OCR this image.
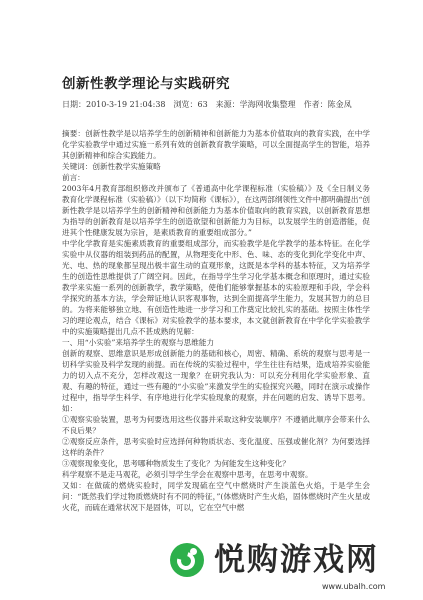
创新性教学理论与实践研究
日期：2010-3-19 21:04:38　浏览：63　来源：学海网收集整理　作者：陈金凤

摘要：创新性教学是以培养学生的创新精神和创新能力为基本价值取向的教育实践，在中学化学实验教学中通过实施一系列有效的创新教育教学策略，可以全面提高学生的智能，培养其创新精神和综合实践能力。

关键词：创新性教学实施策略

前言：

2003年4月教育部组织修改并颁布了《普通高中化学课程标准（实验稿）》及《全日制义务教育化学课程标准（实验稿）》（以下均简称《课标》），在这两部纲领性文件中都明确提出“创新性教学是以培养学生的创新精神和创新能力为基本价值取向的教育实践，以创新教育思想为指导的创新教育是以培养学生的创造欲望和创新能力为目标，以发展学生的创造潜能，促进其个性健康发展为宗旨，是素质教育的重要组成部分。”

中学化学教育是实施素质教育的重要组成部分，而实验教学是化学教学的基本特征。在化学实验中从仪器的组装到药品的配置，从物理变化中形、色、味、态的变化到化学变化中声、光、电、热的现象都呈现出极丰富生动的直观形象，这既是本学科的基本特征，又为培养学生的创造性思维提供了广阔空间。因此，在指导学生学习化学基本概念和原理时，通过实验教学来实施一系列的创新教学，教学策略，使他们能够掌握基本的实验原理和手段，学会科学探究的基本方法，学会辩证地认识客观事物，达到全面提高学生能力，发展其智力的总目的。为将来能够独立地、有创造性地进一步学习和工作奠定比较扎实的基础。按照主体性学习的理论观点，结合《课标》对实验教学的基本要求，本文就创新教育在中学化学实验教学中的实施策略提出几点不甚成熟的见解：

一、用“小实验”来培养学生的观察与思维能力

创新的观察、思维意识是形成创新能力的基础和核心，周密、精确、系统的观察与思考是一切科学实验及科学发现的前提。而在传统的实验过程中，学生往往有结果，造成培养实验能力的切入点不充分，怎样改观这一现象？在研究我认为：可以充分利用化学实验形象、直观、有趣的特征，通过一些有趣的“小实验”来激发学生的实验探究兴趣，同时在演示或操作过程中，指导学生科学、有序地进行化学实验现象的观察，并在问题的启发、诱导下思考。如：

①观察实验装置，思考为何要选用这些仪器并采取这种安装顺序？不遵循此顺序会带来什么不良后果？

②观察反应条件，思考实验时应选择何种物质状态、变化温度、压强或催化剂？为何要选择这样的条件？

③观察现象变化，思考哪种物质发生了变化？为何能发生这种变化？

科学观察不是走马观花，必须引导学生学会在观察中思考，在思考中观察。

又如：在做硫的燃烧实验时，同学发现硫在空气中燃烧时产生淡蓝色火焰，于是学生会问：“既然我们学过物质燃烧时有不同的特征，”(体燃烧时产生火焰，固体燃烧时产生火星或火花，而硫在通常状况下是固体，可以，它在空气中燃

悦购游戏网
www.ubalh.com
